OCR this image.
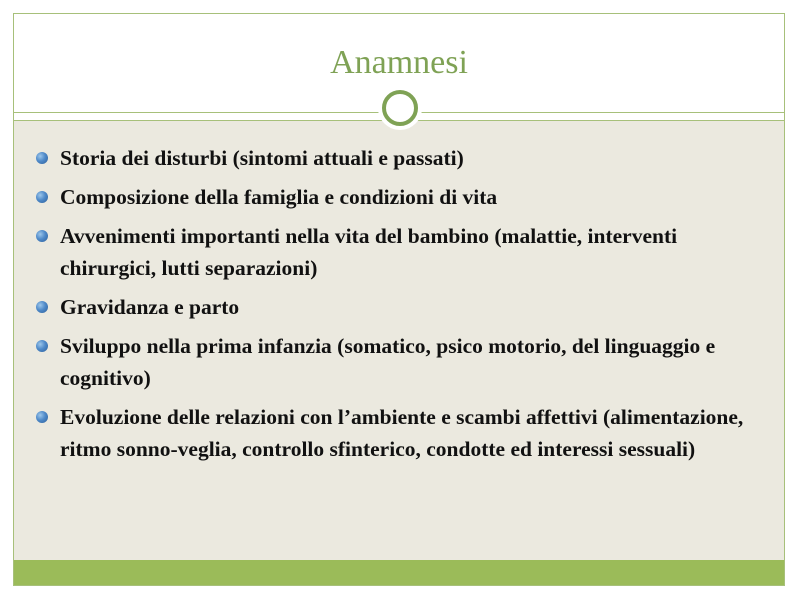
Anamnesi
Storia dei disturbi (sintomi attuali e passati)
Composizione della famiglia e condizioni di vita
Avvenimenti importanti nella vita del bambino (malattie, interventi chirurgici, lutti separazioni)
Gravidanza e parto
Sviluppo nella prima infanzia (somatico, psico motorio, del linguaggio e cognitivo)
Evoluzione delle relazioni con l’ambiente e scambi affettivi (alimentazione, ritmo sonno-veglia, controllo sfinterico, condotte ed interessi sessuali)
